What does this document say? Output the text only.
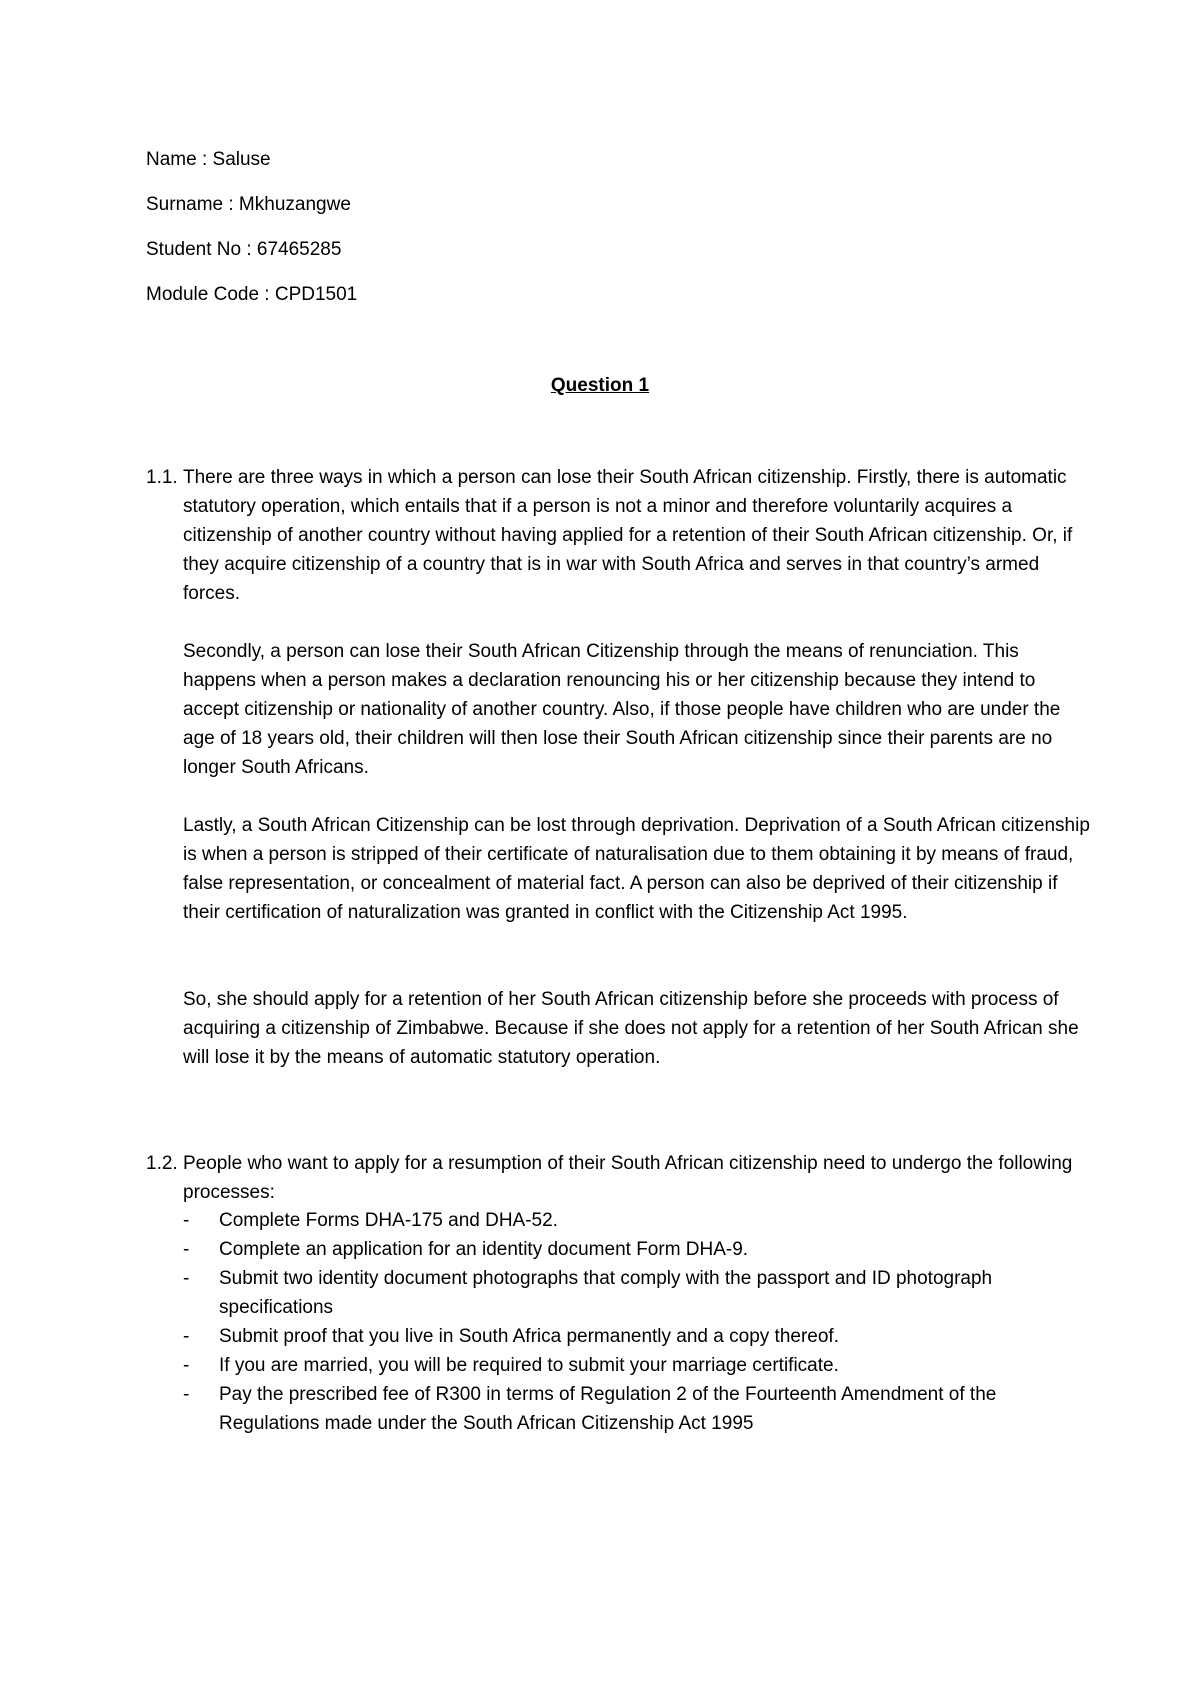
Name : Saluse
Surname : Mkhuzangwe
Student No : 67465285
Module Code : CPD1501
Question 1
1.1. There are three ways in which a person can lose their South African citizenship. Firstly, there is automatic statutory operation, which entails that if a person is not a minor and therefore voluntarily acquires a citizenship of another country without having applied for a retention of their South African citizenship. Or, if they acquire citizenship of a country that is in war with South Africa and serves in that country’s armed forces.

Secondly, a person can lose their South African Citizenship through the means of renunciation. This happens when a person makes a declaration renouncing his or her citizenship because they intend to accept citizenship or nationality of another country. Also, if those people have children who are under the age of 18 years old, their children will then lose their South African citizenship since their parents are no longer South Africans.

Lastly, a South African Citizenship can be lost through deprivation. Deprivation of a South African citizenship is when a person is stripped of their certificate of naturalisation due to them obtaining it by means of fraud, false representation, or concealment of material fact. A person can also be deprived of their citizenship if their certification of naturalization was granted in conflict with the Citizenship Act 1995.

So, she should apply for a retention of her South African citizenship before she proceeds with process of acquiring a citizenship of Zimbabwe. Because if she does not apply for a retention of her South African she will lose it by the means of automatic statutory operation.

1.2. People who want to apply for a resumption of their South African citizenship need to undergo the following processes:

- Complete Forms DHA-175 and DHA-52.
- Complete an application for an identity document Form DHA-9.
- Submit two identity document photographs that comply with the passport and ID photograph specifications
- Submit proof that you live in South Africa permanently and a copy thereof.
- If you are married, you will be required to submit your marriage certificate.
- Pay the prescribed fee of R300 in terms of Regulation 2 of the Fourteenth Amendment of the Regulations made under the South African Citizenship Act 1995
